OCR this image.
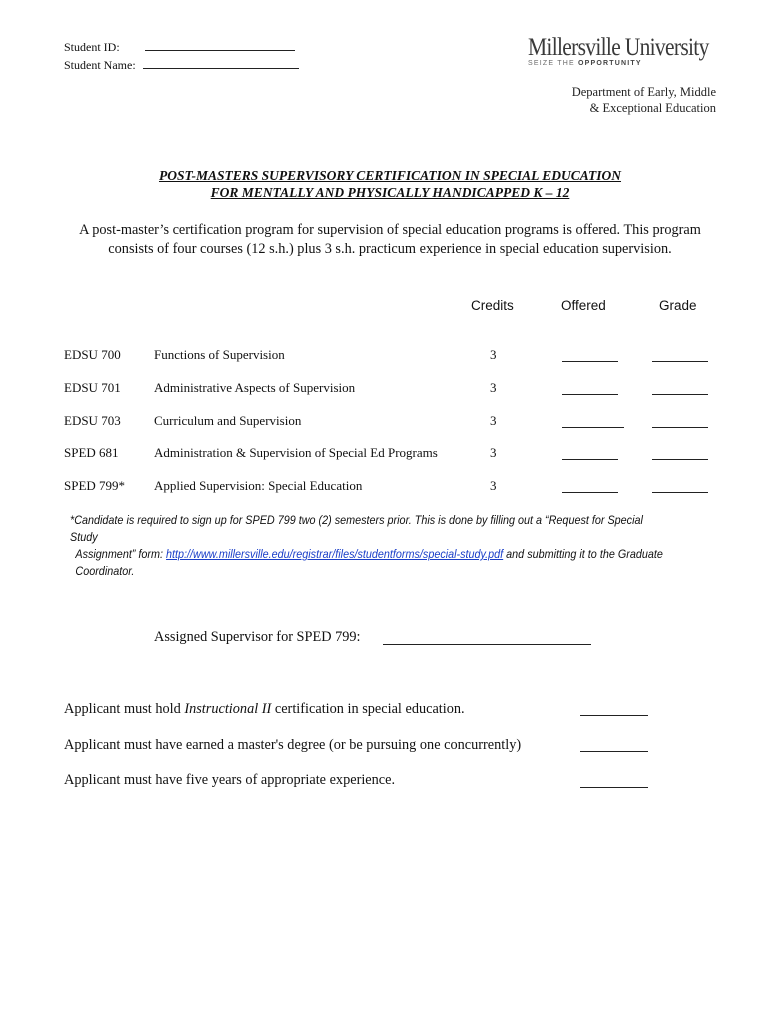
Student ID:
Student Name:
Millersville University
SEIZE THE OPPORTUNITY
Department of Early, Middle
& Exceptional Education
POST-MASTERS SUPERVISORY CERTIFICATION IN SPECIAL EDUCATION
FOR MENTALLY AND PHYSICALLY HANDICAPPED K – 12
A post-master’s certification program for supervision of special education programs is offered. This program consists of four courses (12 s.h.) plus 3 s.h. practicum experience in special education supervision.
Credits	Offered	Grade
EDSU 700	Functions of Supervision	3
EDSU 701	Administrative Aspects of Supervision	3
EDSU 703	Curriculum and Supervision	3
SPED 681	Administration & Supervision of Special Ed Programs	3
SPED 799* Applied Supervision: Special Education	3
*Candidate is required to sign up for SPED 799 two (2) semesters prior. This is done by filling out a “Request for Special Study
Assignment” form: http://www.millersville.edu/registrar/files/studentforms/special-study.pdf and submitting it to the Graduate
Coordinator.
Assigned Supervisor for SPED 799:
Applicant must hold Instructional II certification in special education.
Applicant must have earned a master's degree (or be pursuing one concurrently)
Applicant must have five years of appropriate experience.
